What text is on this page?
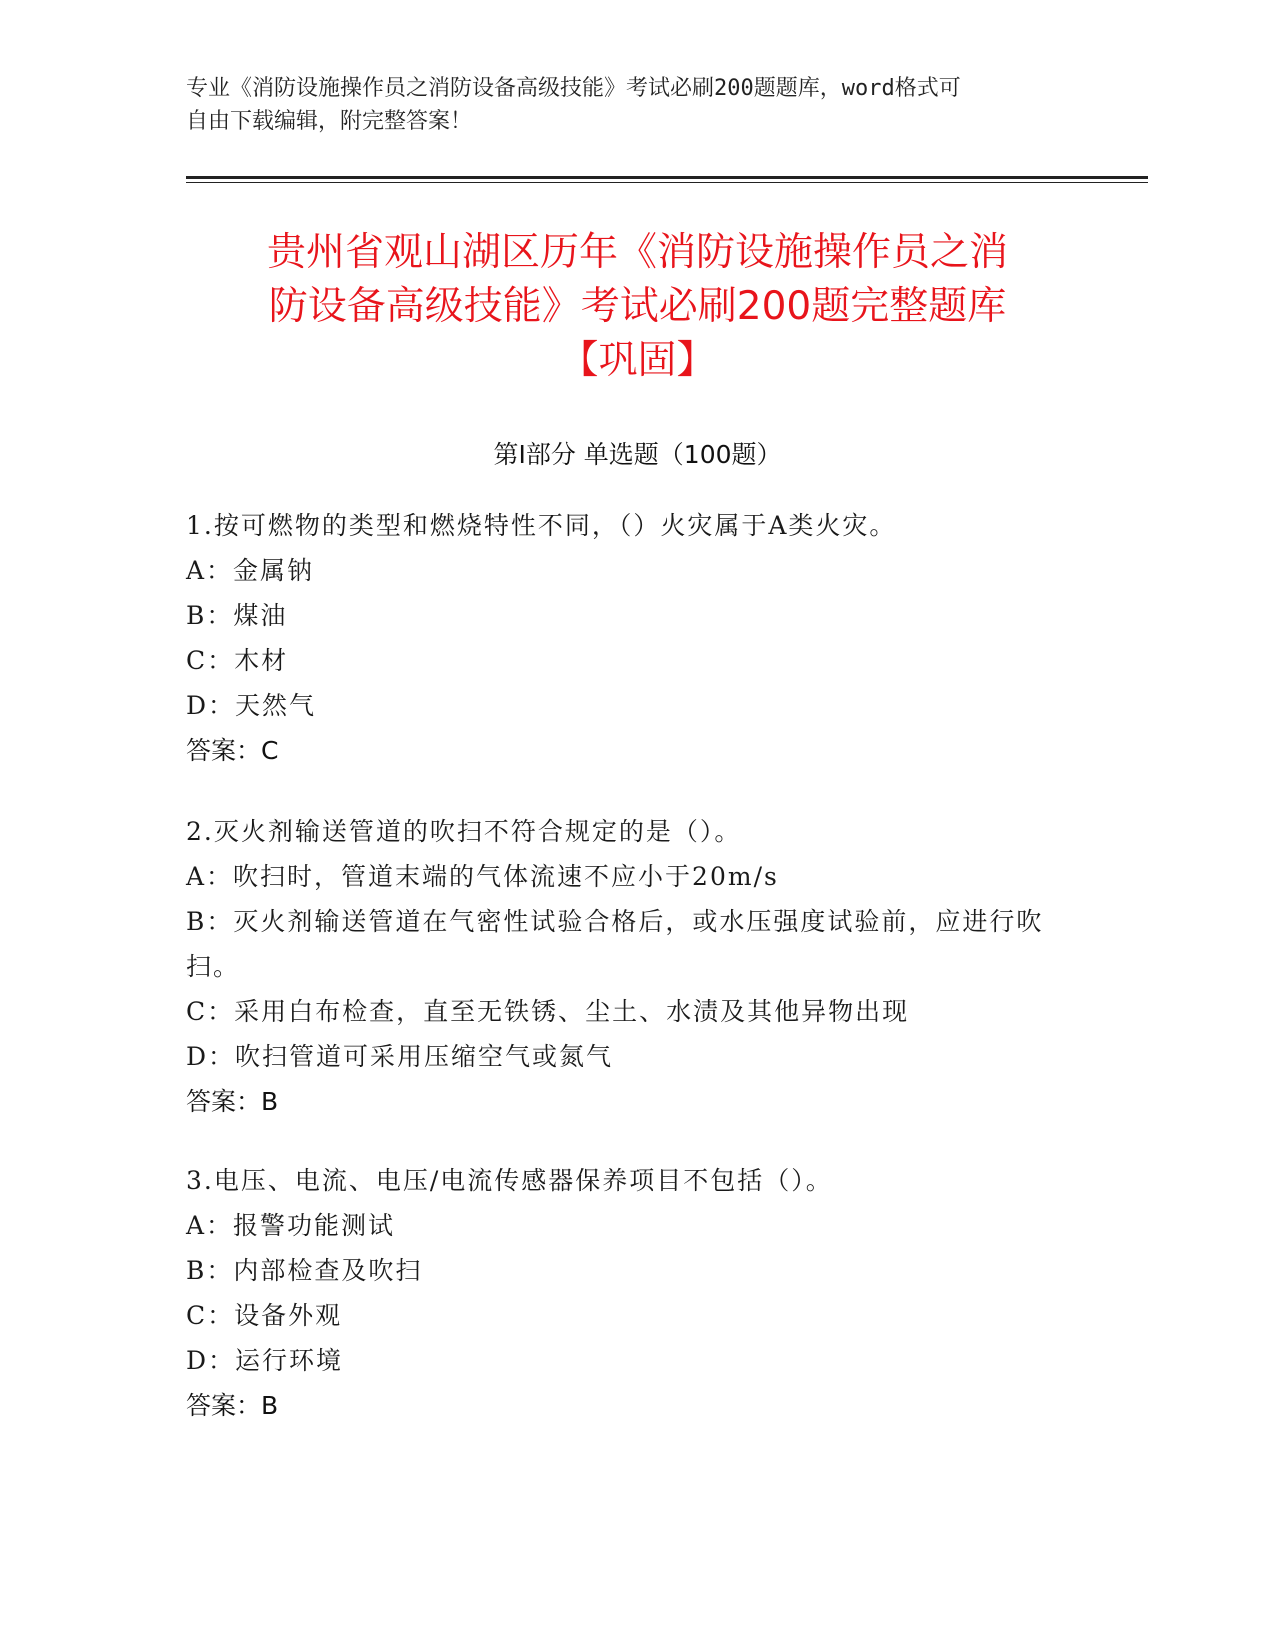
专业《消防设施操作员之消防设备高级技能》考试必刷200题题库，word格式可
自由下载编辑，附完整答案！
贵州省观山湖区历年《消防设施操作员之消
防设备高级技能》考试必刷200题完整题库
【巩固】
第Ⅰ部分 单选题（100题）
1.按可燃物的类型和燃烧特性不同，（）火灾属于A类火灾。
A：金属钠
B：煤油
C：木材
D：天然气
答案：C
2.灭火剂输送管道的吹扫不符合规定的是（）。
A：吹扫时，管道末端的气体流速不应小于20m/s
B：灭火剂输送管道在气密性试验合格后，或水压强度试验前，应进行吹扫。
C：采用白布检查，直至无铁锈、尘土、水渍及其他异物出现
D：吹扫管道可采用压缩空气或氮气
答案：B
3.电压、电流、电压/电流传感器保养项目不包括（）。
A：报警功能测试
B：内部检查及吹扫
C：设备外观
D：运行环境
答案：B
